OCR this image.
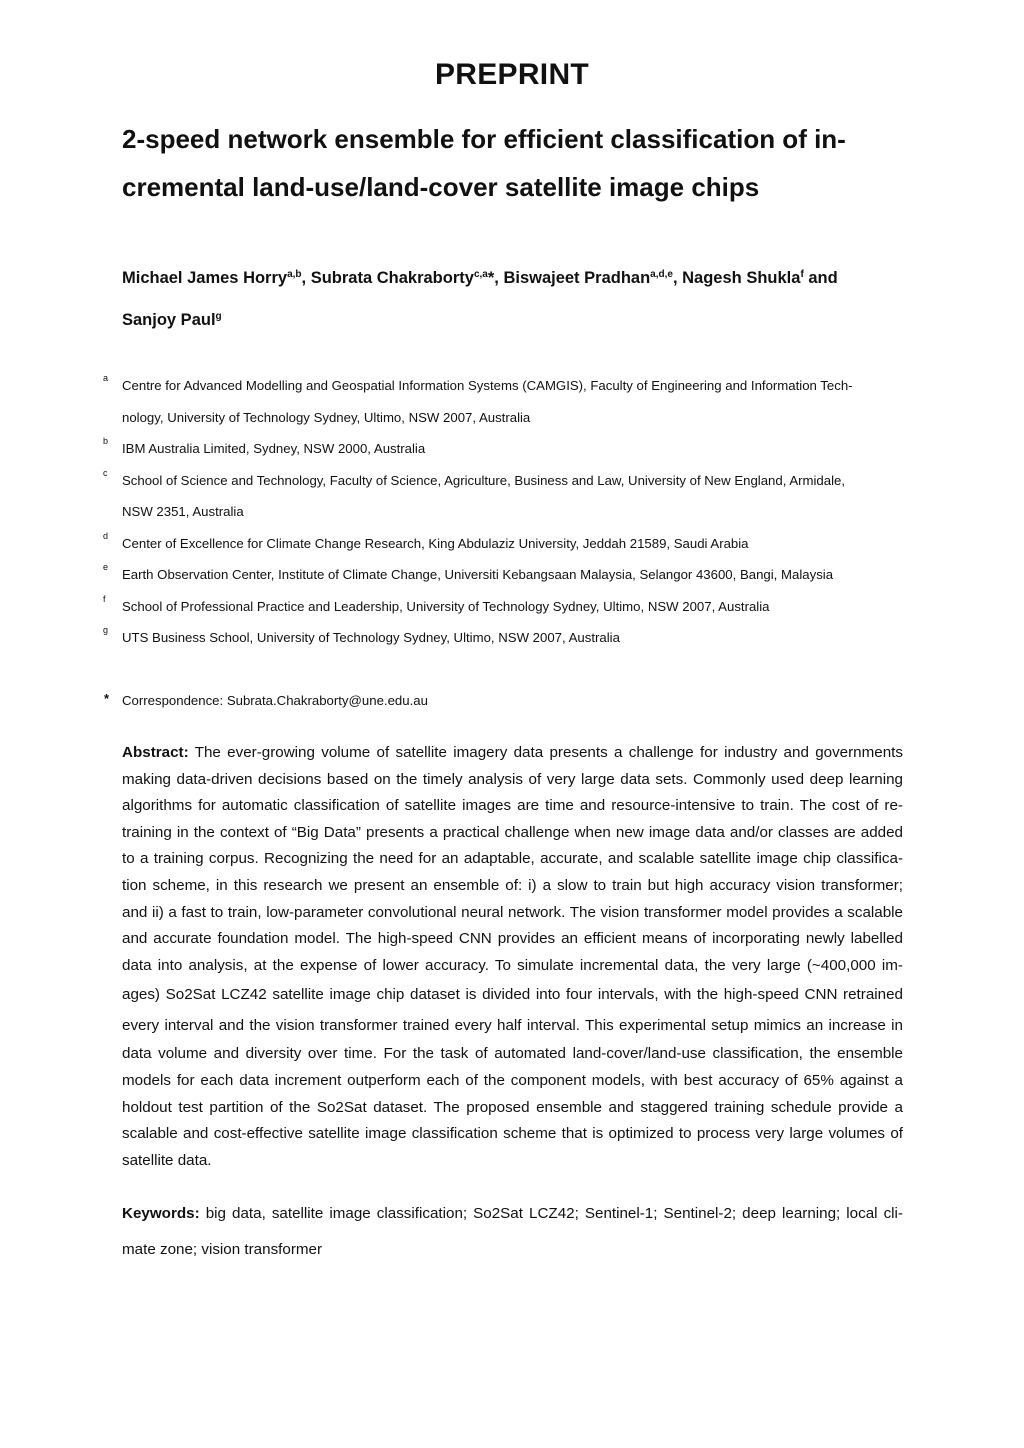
PREPRINT
2-speed network ensemble for efficient classification of in-
cremental land-use/land-cover satellite image chips
Michael James Horry$^{a,b}$, Subrata Chakraborty$^{c,a}$*, Biswajeet Pradhan$^{a,d,e}$, Nagesh Shukla$^f$ and
Sanjoy Paul$^g$
a Centre for Advanced Modelling and Geospatial Information Systems (CAMGIS), Faculty of Engineering and Information Tech-
nology, University of Technology Sydney, Ultimo, NSW 2007, Australia
b IBM Australia Limited, Sydney, NSW 2000, Australia
c School of Science and Technology, Faculty of Science, Agriculture, Business and Law, University of New England, Armidale,
NSW 2351, Australia
d Center of Excellence for Climate Change Research, King Abdulaziz University, Jeddah 21589, Saudi Arabia
e Earth Observation Center, Institute of Climate Change, Universiti Kebangsaan Malaysia, Selangor 43600, Bangi, Malaysia
f School of Professional Practice and Leadership, University of Technology Sydney, Ultimo, NSW 2007, Australia
g UTS Business School, University of Technology Sydney, Ultimo, NSW 2007, Australia
* Correspondence: Subrata.Chakraborty@une.edu.au
Abstract: The ever-growing volume of satellite imagery data presents a challenge for industry and governments
making data-driven decisions based on the timely analysis of very large data sets. Commonly used deep learning
algorithms for automatic classification of satellite images are time and resource-intensive to train. The cost of re-
training in the context of “Big Data” presents a practical challenge when new image data and/or classes are added
to a training corpus. Recognizing the need for an adaptable, accurate, and scalable satellite image chip classifica-
tion scheme, in this research we present an ensemble of: i) a slow to train but high accuracy vision transformer;
and ii) a fast to train, low-parameter convolutional neural network. The vision transformer model provides a scalable
and accurate foundation model. The high-speed CNN provides an efficient means of incorporating newly labelled
data into analysis, at the expense of lower accuracy. To simulate incremental data, the very large (~400,000 im-
ages) So2Sat LCZ42 satellite image chip dataset is divided into four intervals, with the high-speed CNN retrained
every interval and the vision transformer trained every half interval. This experimental setup mimics an increase in
data volume and diversity over time. For the task of automated land-cover/land-use classification, the ensemble
models for each data increment outperform each of the component models, with best accuracy of 65% against a
holdout test partition of the So2Sat dataset. The proposed ensemble and staggered training schedule provide a
scalable and cost-effective satellite image classification scheme that is optimized to process very large volumes of
satellite data.
Keywords: big data, satellite image classification; So2Sat LCZ42; Sentinel-1; Sentinel-2; deep learning; local cli-
mate zone; vision transformer
